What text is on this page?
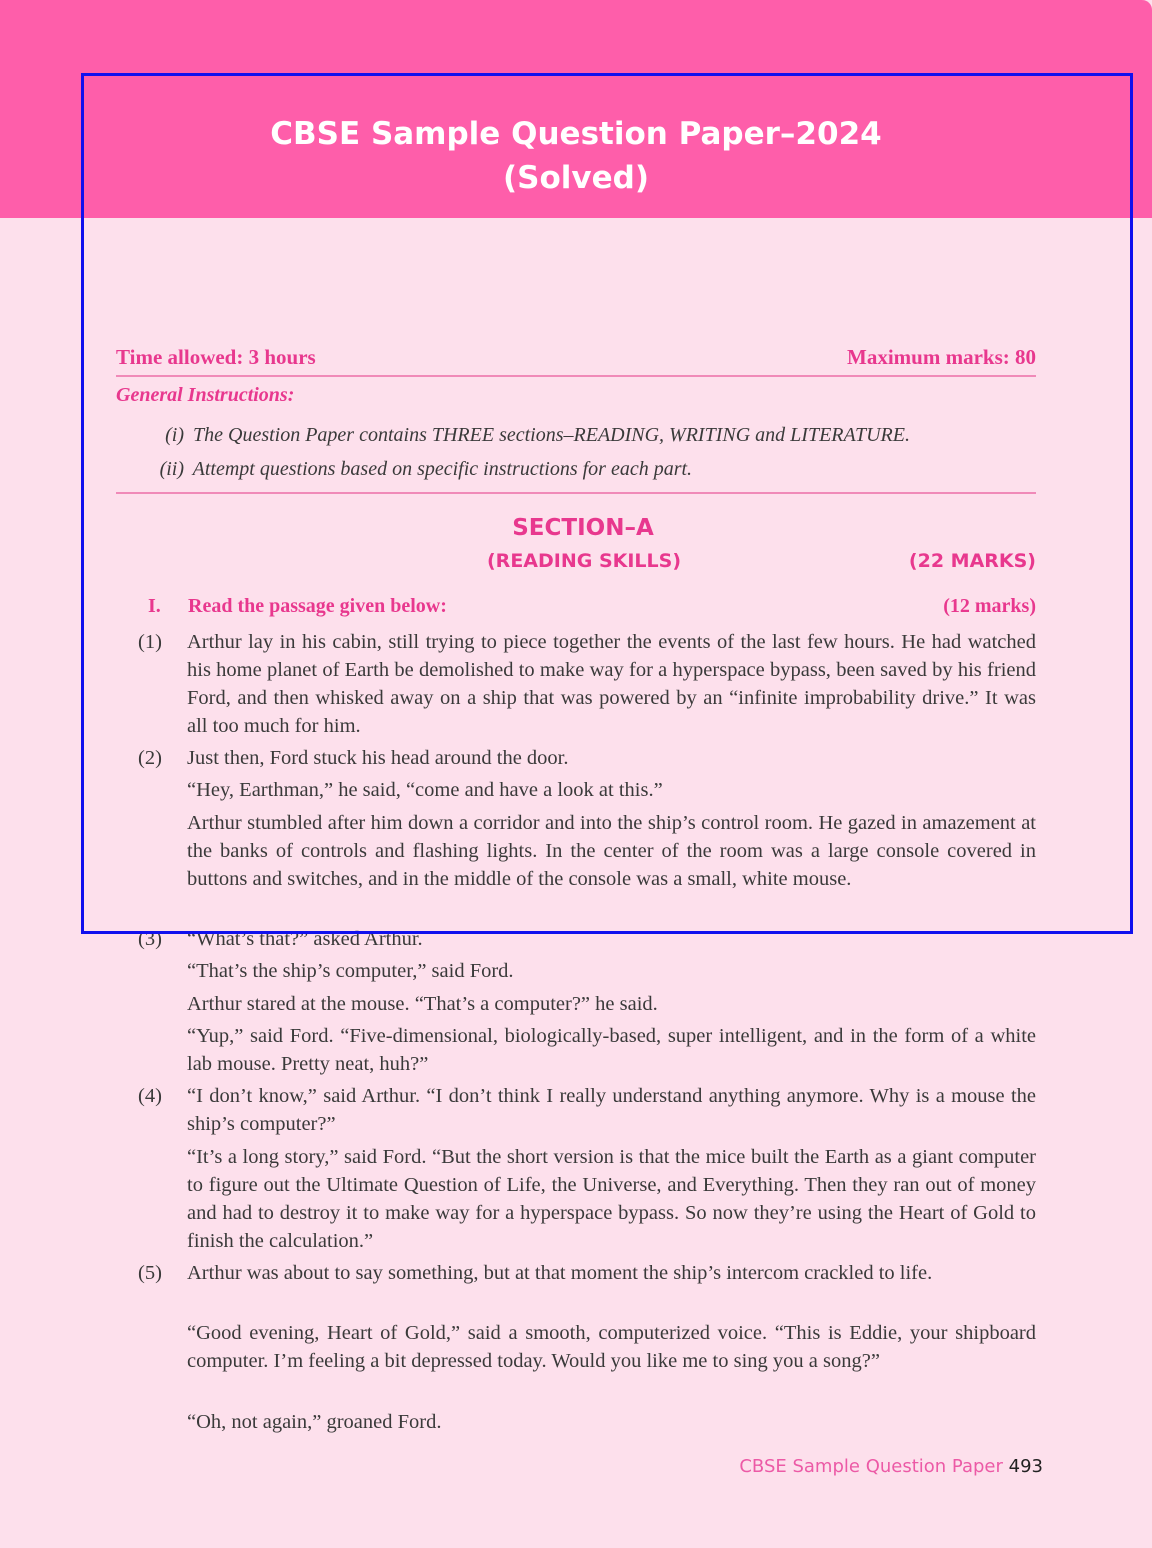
CBSE Sample Question Paper–2024
(Solved)
Time allowed: 3 hours	Maximum marks: 80
General Instructions:
(i) The Question Paper contains THREE sections–READING, WRITING and LITERATURE.
(ii) Attempt questions based on specific instructions for each part.
SECTION–A
(READING SKILLS)	(22 MARKS)
I. Read the passage given below:	(12 marks)
(1)
(2)
(3)
(4)
(5)
Arthur lay in his cabin, still trying to piece together the events of the last few hours. He had watched his home planet of Earth be demolished to make way for a hyperspace bypass, been saved by his friend Ford, and then whisked away on a ship that was powered by an “infinite improbability drive.” It was all too much for him.
Just then, Ford stuck his head around the door.
“Hey, Earthman,” he said, “come and have a look at this.”
Arthur stumbled after him down a corridor and into the ship’s control room. He gazed in amazement at the banks of controls and flashing lights. In the center of the room was a large console covered in buttons and switches, and in the middle of the console was a small, white mouse.
“What’s that?” asked Arthur.
“That’s the ship’s computer,” said Ford.
Arthur stared at the mouse. “That’s a computer?” he said.
“Yup,” said Ford. “Five-dimensional, biologically-based, super intelligent, and in the form of a white lab mouse. Pretty neat, huh?”
“I don’t know,” said Arthur. “I don’t think I really understand anything anymore. Why is a mouse the ship’s computer?”
“It’s a long story,” said Ford. “But the short version is that the mice built the Earth as a giant computer to figure out the Ultimate Question of Life, the Universe, and Everything. Then they ran out of money and had to destroy it to make way for a hyperspace bypass. So now they’re using the Heart of Gold to finish the calculation.”
Arthur was about to say something, but at that moment the ship’s intercom crackled to life.
“Good evening, Heart of Gold,” said a smooth, computerized voice. “This is Eddie, your shipboard computer. I’m feeling a bit depressed today. Would you like me to sing you a song?”
“Oh, not again,” groaned Ford.
CBSE Sample Question Paper 493
